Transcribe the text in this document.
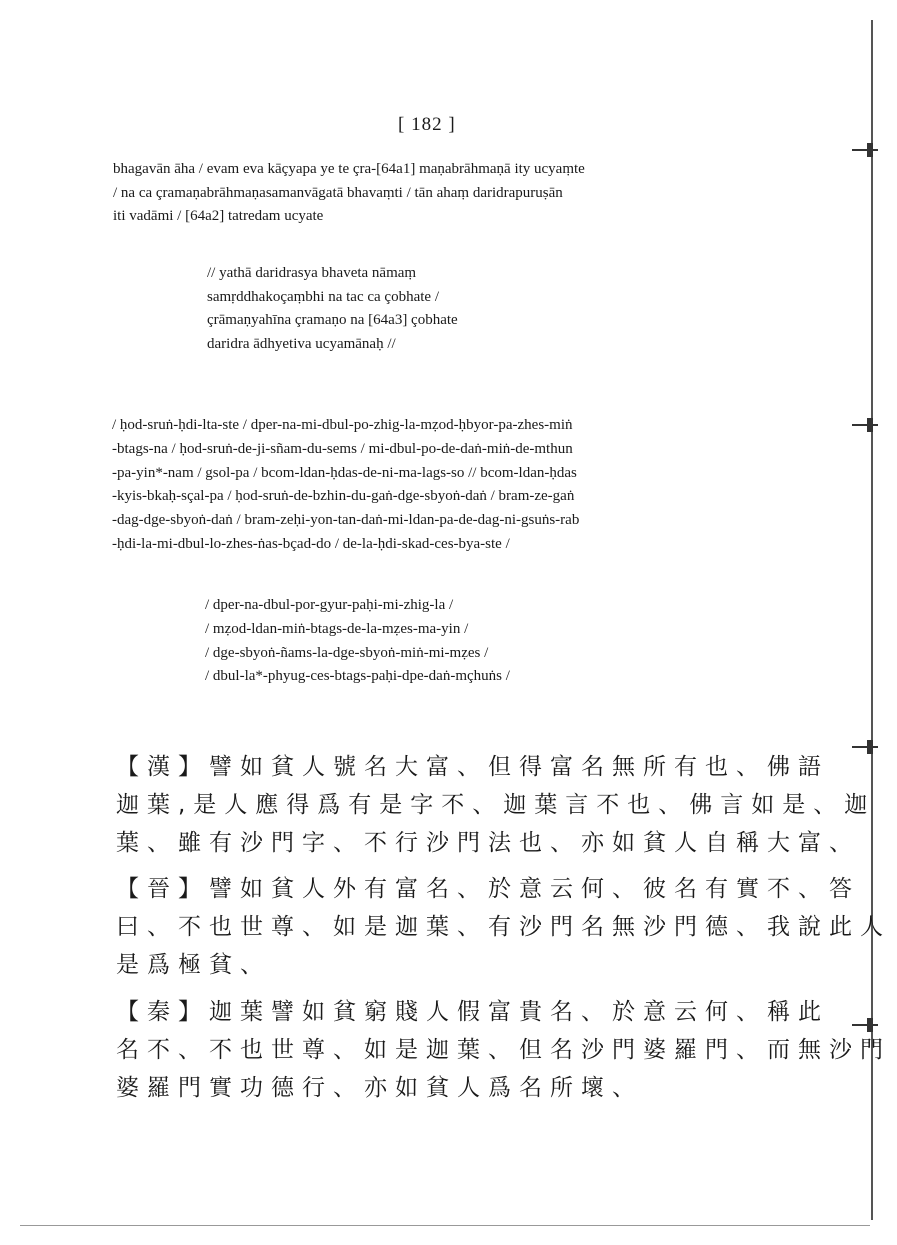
[ 182 ]
bhagavān āha / evam eva kāçyapa ye te çra-[64a1] maṇabrāhmaṇā ity ucyaṃte
/ na ca çramaṇabrāhmaṇasamanvāgatā bhavaṃti / tān ahaṃ daridrapuruṣān
iti vadāmi / [64a2] tatredam ucyate
// yathā daridrasya bhaveta nāmaṃ
samṛddhakoçaṃbhi na tac ca çobhate /
çrāmaṇyahīna çramaṇo na [64a3] çobhate
daridra ādhyetiva ucyamānaḥ //
/ ḥod-sruṅ-ḥdi-lta-ste / dper-na-mi-dbul-po-zhig-la-mẓod-ḥbyor-pa-zhes-miṅ
-btags-na / ḥod-sruṅ-de-ji-sñam-du-sems / mi-dbul-po-de-daṅ-miṅ-de-mthun
-pa-yin*-nam / gsol-pa / bcom-ldan-ḥdas-de-ni-ma-lags-so // bcom-ldan-ḥdas
-kyis-bkaḥ-sçal-pa / ḥod-sruṅ-de-bzhin-du-gaṅ-dge-sbyoṅ-daṅ / bram-ze-gaṅ
-dag-dge-sbyoṅ-daṅ / bram-zeḥi-yon-tan-daṅ-mi-ldan-pa-de-dag-ni-gsuṅs-rab
-ḥdi-la-mi-dbul-lo-zhes-ṅas-bçad-do / de-la-ḥdi-skad-ces-bya-ste /
/ dper-na-dbul-por-gyur-paḥi-mi-zhig-la /
/ mẓod-ldan-miṅ-btags-de-la-mẓes-ma-yin /
/ dge-sbyoṅ-ñams-la-dge-sbyoṅ-miṅ-mi-mẓes /
/ dbul-la*-phyug-ces-btags-paḥi-dpe-daṅ-mçhuṅs /
【漢】譬如貧人號名大富、但得富名無所有也、佛語
迦葉,是人應得爲有是字不、迦葉言不也、佛言如是、迦
葉、雖有沙門字、不行沙門法也、亦如貧人自稱大富、
【晉】譬如貧人外有富名、於意云何、彼名有實不、答
曰、不也世尊、如是迦葉、有沙門名無沙門德、我說此人
是爲極貧、
【秦】迦葉譬如貧窮賤人假富貴名、於意云何、稱此
名不、不也世尊、如是迦葉、但名沙門婆羅門、而無沙門
婆羅門實功德行、亦如貧人爲名所壞、
